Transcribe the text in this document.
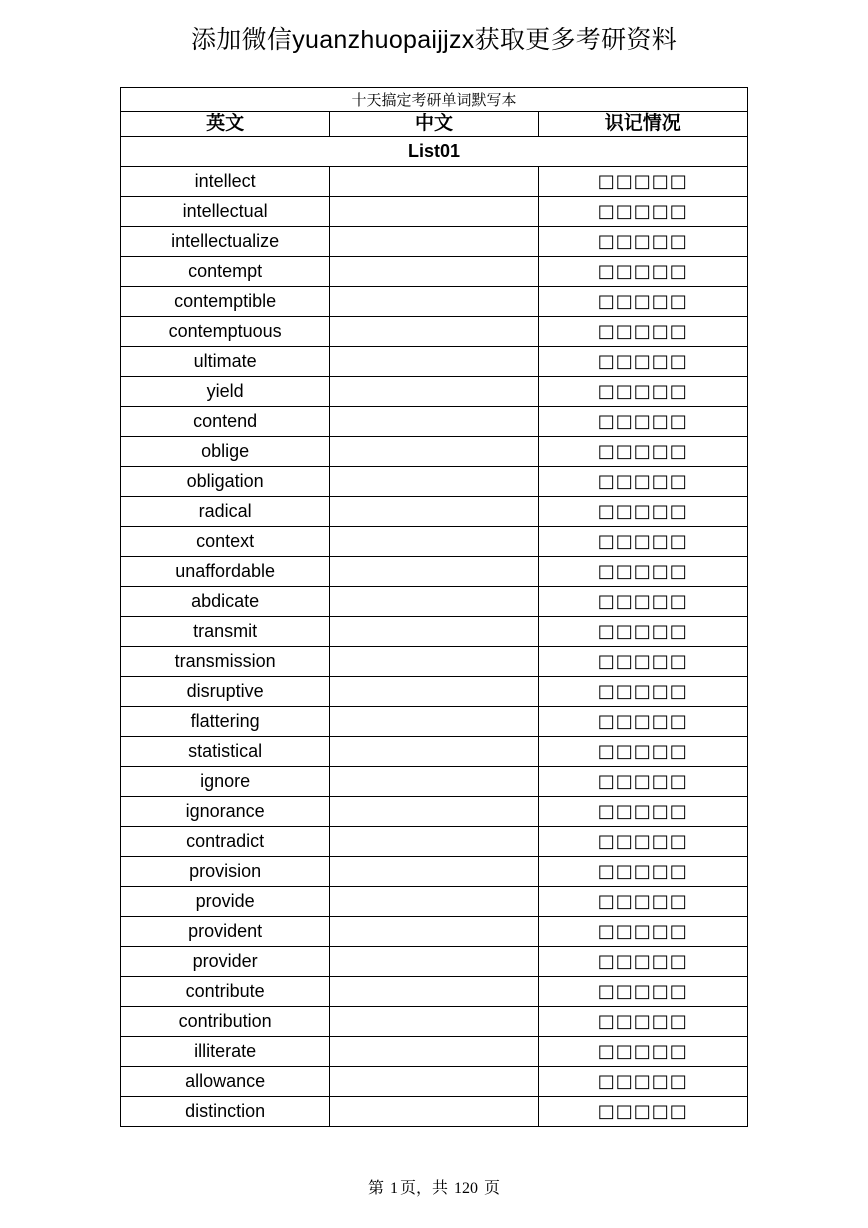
添加微信yuanzhuopaijjzx获取更多考研资料
十天搞定考研单词默写本		
英文	中文	识记情况
List01		
intellect		□□□□□
intellectual		□□□□□
intellectualize		□□□□□
contempt		□□□□□
contemptible		□□□□□
contemptuous		□□□□□
ultimate		□□□□□
yield		□□□□□
contend		□□□□□
oblige		□□□□□
obligation		□□□□□
radical		□□□□□
context		□□□□□
unaffordable		□□□□□
abdicate		□□□□□
transmit		□□□□□
transmission		□□□□□
disruptive		□□□□□
flattering		□□□□□
statistical		□□□□□
ignore		□□□□□
ignorance		□□□□□
contradict		□□□□□
provision		□□□□□
provide		□□□□□
provident		□□□□□
provider		□□□□□
contribute		□□□□□
contribution		□□□□□
illiterate		□□□□□
allowance		□□□□□
distinction		□□□□□
第 1 页，共 120 页
